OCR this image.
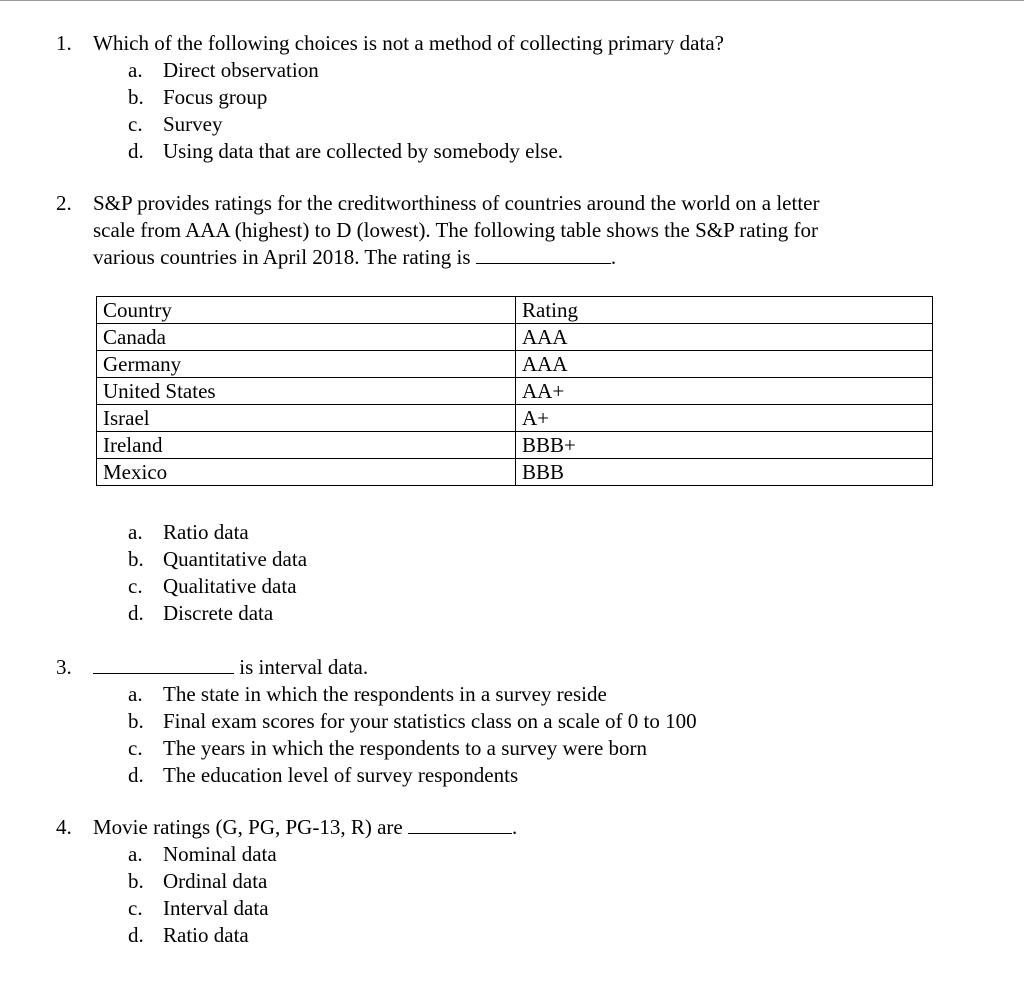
1. Which of the following choices is not a method of collecting primary data?
a. Direct observation
b. Focus group
c. Survey
d. Using data that are collected by somebody else.
2. S&P provides ratings for the creditworthiness of countries around the world on a letter
scale from AAA (highest) to D (lowest). The following table shows the S&P rating for
various countries in April 2018. The rating is	.
Country	Rating
Canada	AAA
Germany	AAA
United States	AA+
Israel	A+
Ireland	BBB+
Mexico	BBB
a. Ratio data
b. Quantitative data
c. Qualitative data
d. Discrete data
3.	is interval data.
a. The state in which the respondents in a survey reside
b. Final exam scores for your statistics class on a scale of 0 to 100
c. The years in which the respondents to a survey were born
d. The education level of survey respondents
4. Movie ratings (G, PG, PG-13, R) are	.
a. Nominal data
b. Ordinal data
c. Interval data
d. Ratio data
